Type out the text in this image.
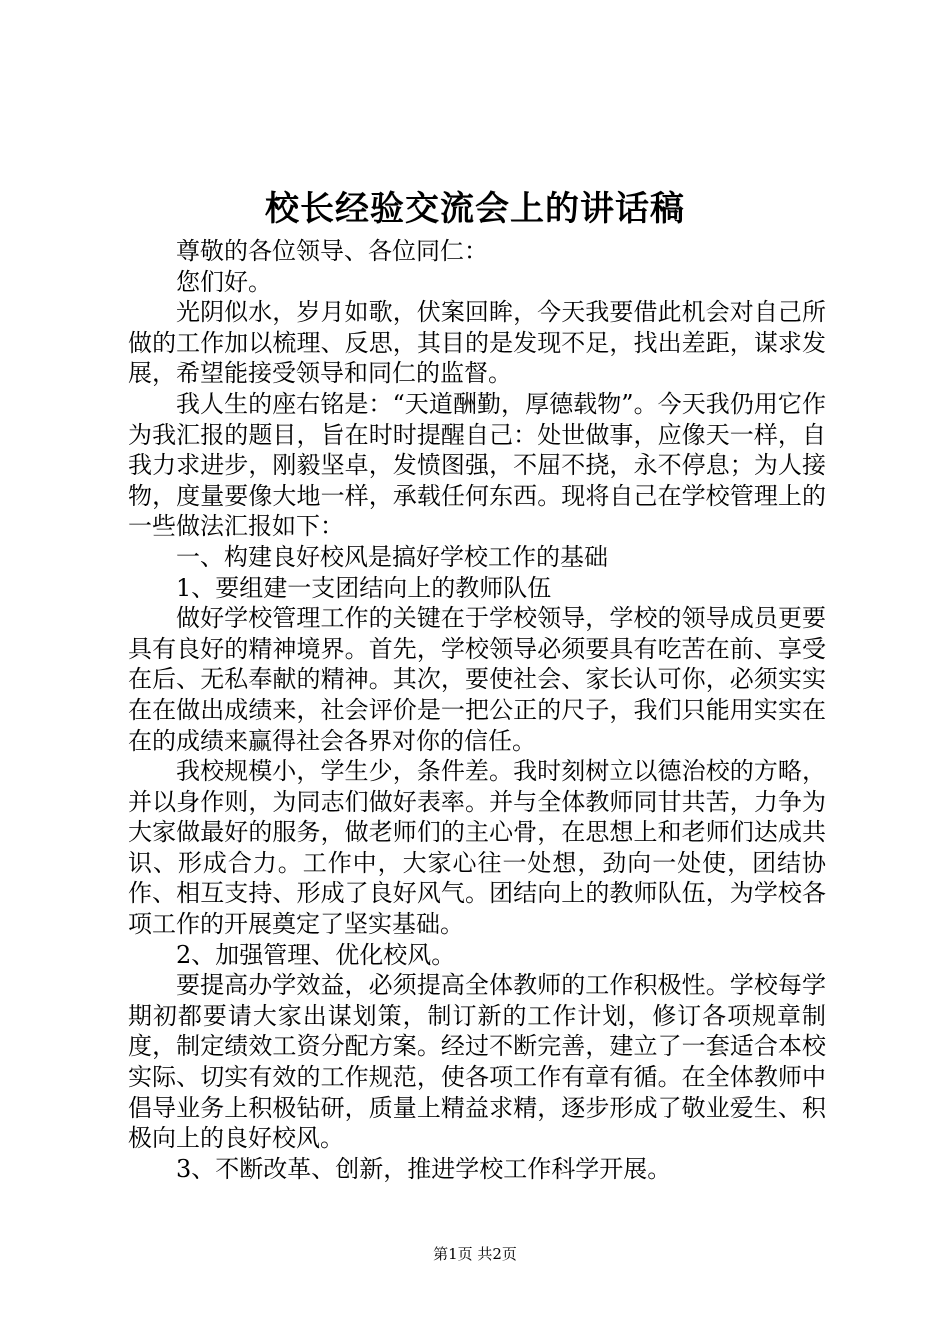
校长经验交流会上的讲话稿

尊敬的各位领导、各位同仁：

您们好。

光阴似水，岁月如歌，伏案回眸，今天我要借此机会对自己所做的工作加以梳理、反思，其目的是发现不足，找出差距，谋求发展，希望能接受领导和同仁的监督。

我人生的座右铭是：“天道酬勤，厚德载物”。今天我仍用它作为我汇报的题目，旨在时时提醒自己：处世做事，应像天一样，自我力求进步，刚毅坚卓，发愤图强，不屈不挠，永不停息；为人接物，度量要像大地一样，承载任何东西。现将自己在学校管理上的一些做法汇报如下：

一、构建良好校风是搞好学校工作的基础

1、要组建一支团结向上的教师队伍

做好学校管理工作的关键在于学校领导，学校的领导成员更要具有良好的精神境界。首先，学校领导必须要具有吃苦在前、享受在后、无私奉献的精神。其次，要使社会、家长认可你，必须实实在在做出成绩来，社会评价是一把公正的尺子，我们只能用实实在在的成绩来赢得社会各界对你的信任。

我校规模小，学生少，条件差。我时刻树立以德治校的方略，并以身作则，为同志们做好表率。并与全体教师同甘共苦，力争为大家做最好的服务，做老师们的主心骨，在思想上和老师们达成共识、形成合力。工作中，大家心往一处想，劲向一处使，团结协作、相互支持、形成了良好风气。团结向上的教师队伍，为学校各项工作的开展奠定了坚实基础。

2、加强管理、优化校风。

要提高办学效益，必须提高全体教师的工作积极性。学校每学期初都要请大家出谋划策，制订新的工作计划，修订各项规章制度，制定绩效工资分配方案。经过不断完善，建立了一套适合本校实际、切实有效的工作规范，使各项工作有章有循。在全体教师中倡导业务上积极钻研，质量上精益求精，逐步形成了敬业爱生、积极向上的良好校风。

3、不断改革、创新，推进学校工作科学开展。

第1页 共2页
